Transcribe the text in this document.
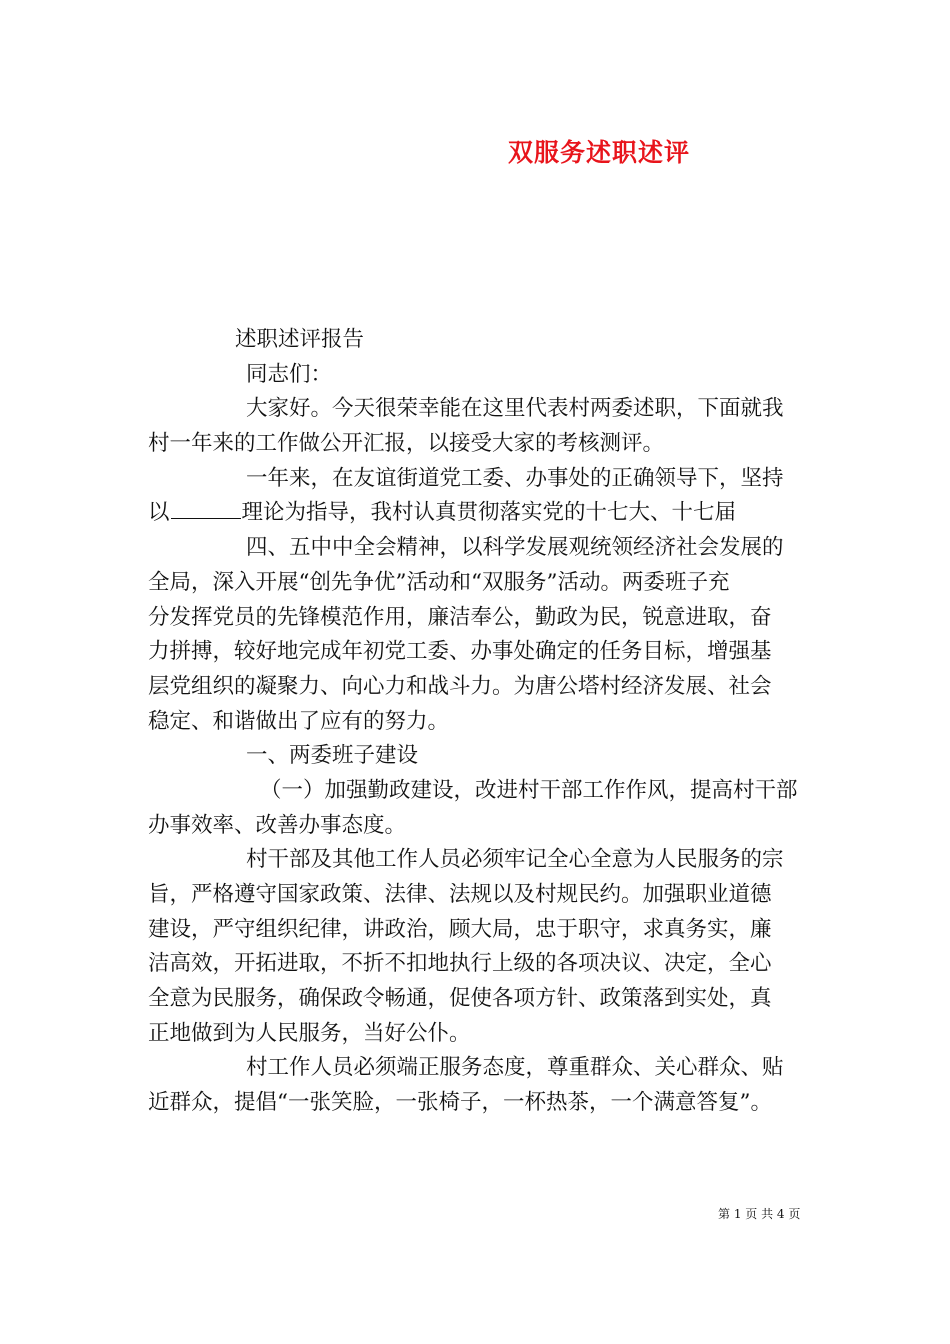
双服务述职述评
述职述评报告
同志们：
大家好。今天很荣幸能在这里代表村两委述职，下面就我
村一年来的工作做公开汇报，以接受大家的考核测评。
一年来，在友谊街道党工委、办事处的正确领导下，坚持
以	理论为指导，我村认真贯彻落实党的十七大、十七届
四、五中中全会精神，以科学发展观统领经济社会发展的
全局，深入开展“创先争优”活动和“双服务”活动。两委班子充
分发挥党员的先锋模范作用，廉洁奉公，勤政为民，锐意进取，奋
力拼搏，较好地完成年初党工委、办事处确定的任务目标，增强基
层党组织的凝聚力、向心力和战斗力。为唐公塔村经济发展、社会
稳定、和谐做出了应有的努力。
一、两委班子建设
（一）加强勤政建设，改进村干部工作作风，提高村干部
办事效率、改善办事态度。
村干部及其他工作人员必须牢记全心全意为人民服务的宗
旨，严格遵守国家政策、法律、法规以及村规民约。加强职业道德
建设，严守组织纪律，讲政治，顾大局，忠于职守，求真务实，廉
洁高效，开拓进取，不折不扣地执行上级的各项决议、决定，全心
全意为民服务，确保政令畅通，促使各项方针、政策落到实处，真
正地做到为人民服务，当好公仆。
村工作人员必须端正服务态度，尊重群众、关心群众、贴
近群众，提倡“一张笑脸，一张椅子，一杯热茶，一个满意答复”。
第 1 页 共 4 页
